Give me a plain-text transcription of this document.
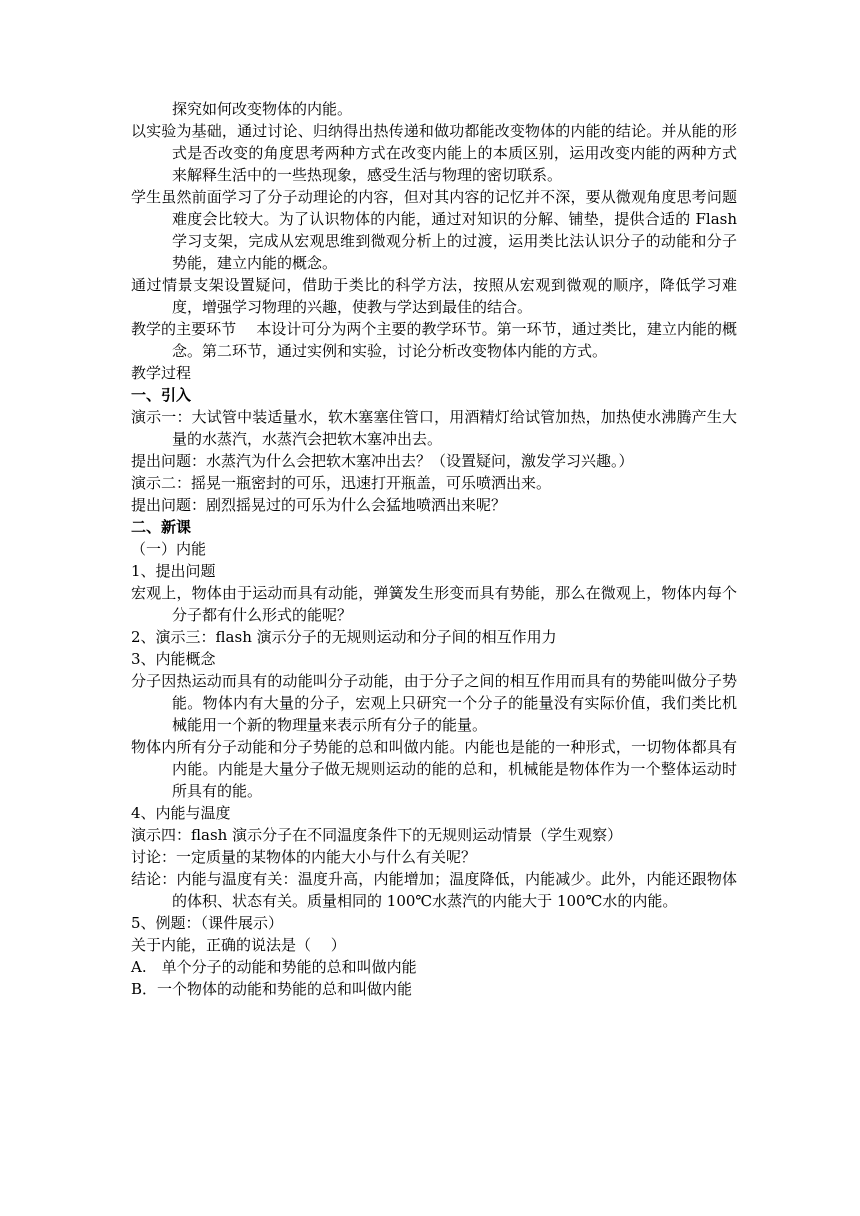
探究如何改变物体的内能。

以实验为基础，通过讨论、归纳得出热传递和做功都能改变物体的内能的结论。并从能的形式是否改变的角度思考两种方式在改变内能上的本质区别，运用改变内能的两种方式来解释生活中的一些热现象，感受生活与物理的密切联系。

学生虽然前面学习了分子动理论的内容，但对其内容的记忆并不深，要从微观角度思考问题难度会比较大。为了认识物体的内能，通过对知识的分解、铺垫，提供合适的 Flash 学习支架，完成从宏观思维到微观分析上的过渡，运用类比法认识分子的动能和分子势能，建立内能的概念。

通过情景支架设置疑问，借助于类比的科学方法，按照从宏观到微观的顺序，降低学习难度，增强学习物理的兴趣，使教与学达到最佳的结合。

教学的主要环节 本设计可分为两个主要的教学环节。第一环节，通过类比，建立内能的概念。第二环节，通过实例和实验，讨论分析改变物体内能的方式。

教学过程

一、引入

演示一：大试管中装适量水，软木塞塞住管口，用酒精灯给试管加热，加热使水沸腾产生大量的水蒸汽，水蒸汽会把软木塞冲出去。

提出问题：水蒸汽为什么会把软木塞冲出去？（设置疑问，激发学习兴趣。）

演示二：摇晃一瓶密封的可乐，迅速打开瓶盖，可乐喷洒出来。

提出问题：剧烈摇晃过的可乐为什么会猛地喷洒出来呢？

二、新课

（一）内能

1、提出问题

宏观上，物体由于运动而具有动能，弹簧发生形变而具有势能，那么在微观上，物体内每个分子都有什么形式的能呢？

2、演示三：flash 演示分子的无规则运动和分子间的相互作用力

3、内能概念

分子因热运动而具有的动能叫分子动能，由于分子之间的相互作用而具有的势能叫做分子势能。物体内有大量的分子，宏观上只研究一个分子的能量没有实际价值，我们类比机械能用一个新的物理量来表示所有分子的能量。

物体内所有分子动能和分子势能的总和叫做内能。内能也是能的一种形式，一切物体都具有内能。内能是大量分子做无规则运动的能的总和，机械能是物体作为一个整体运动时所具有的能。

4、内能与温度

演示四：flash 演示分子在不同温度条件下的无规则运动情景（学生观察）

讨论：一定质量的某物体的内能大小与什么有关呢？

结论：内能与温度有关：温度升高，内能增加；温度降低，内能减少。此外，内能还跟物体的体积、状态有关。质量相同的 100℃水蒸汽的内能大于 100℃水的内能。

5、例题：（课件展示）

关于内能，正确的说法是（　 ）

A.　单个分子的动能和势能的总和叫做内能

B．一个物体的动能和势能的总和叫做内能
